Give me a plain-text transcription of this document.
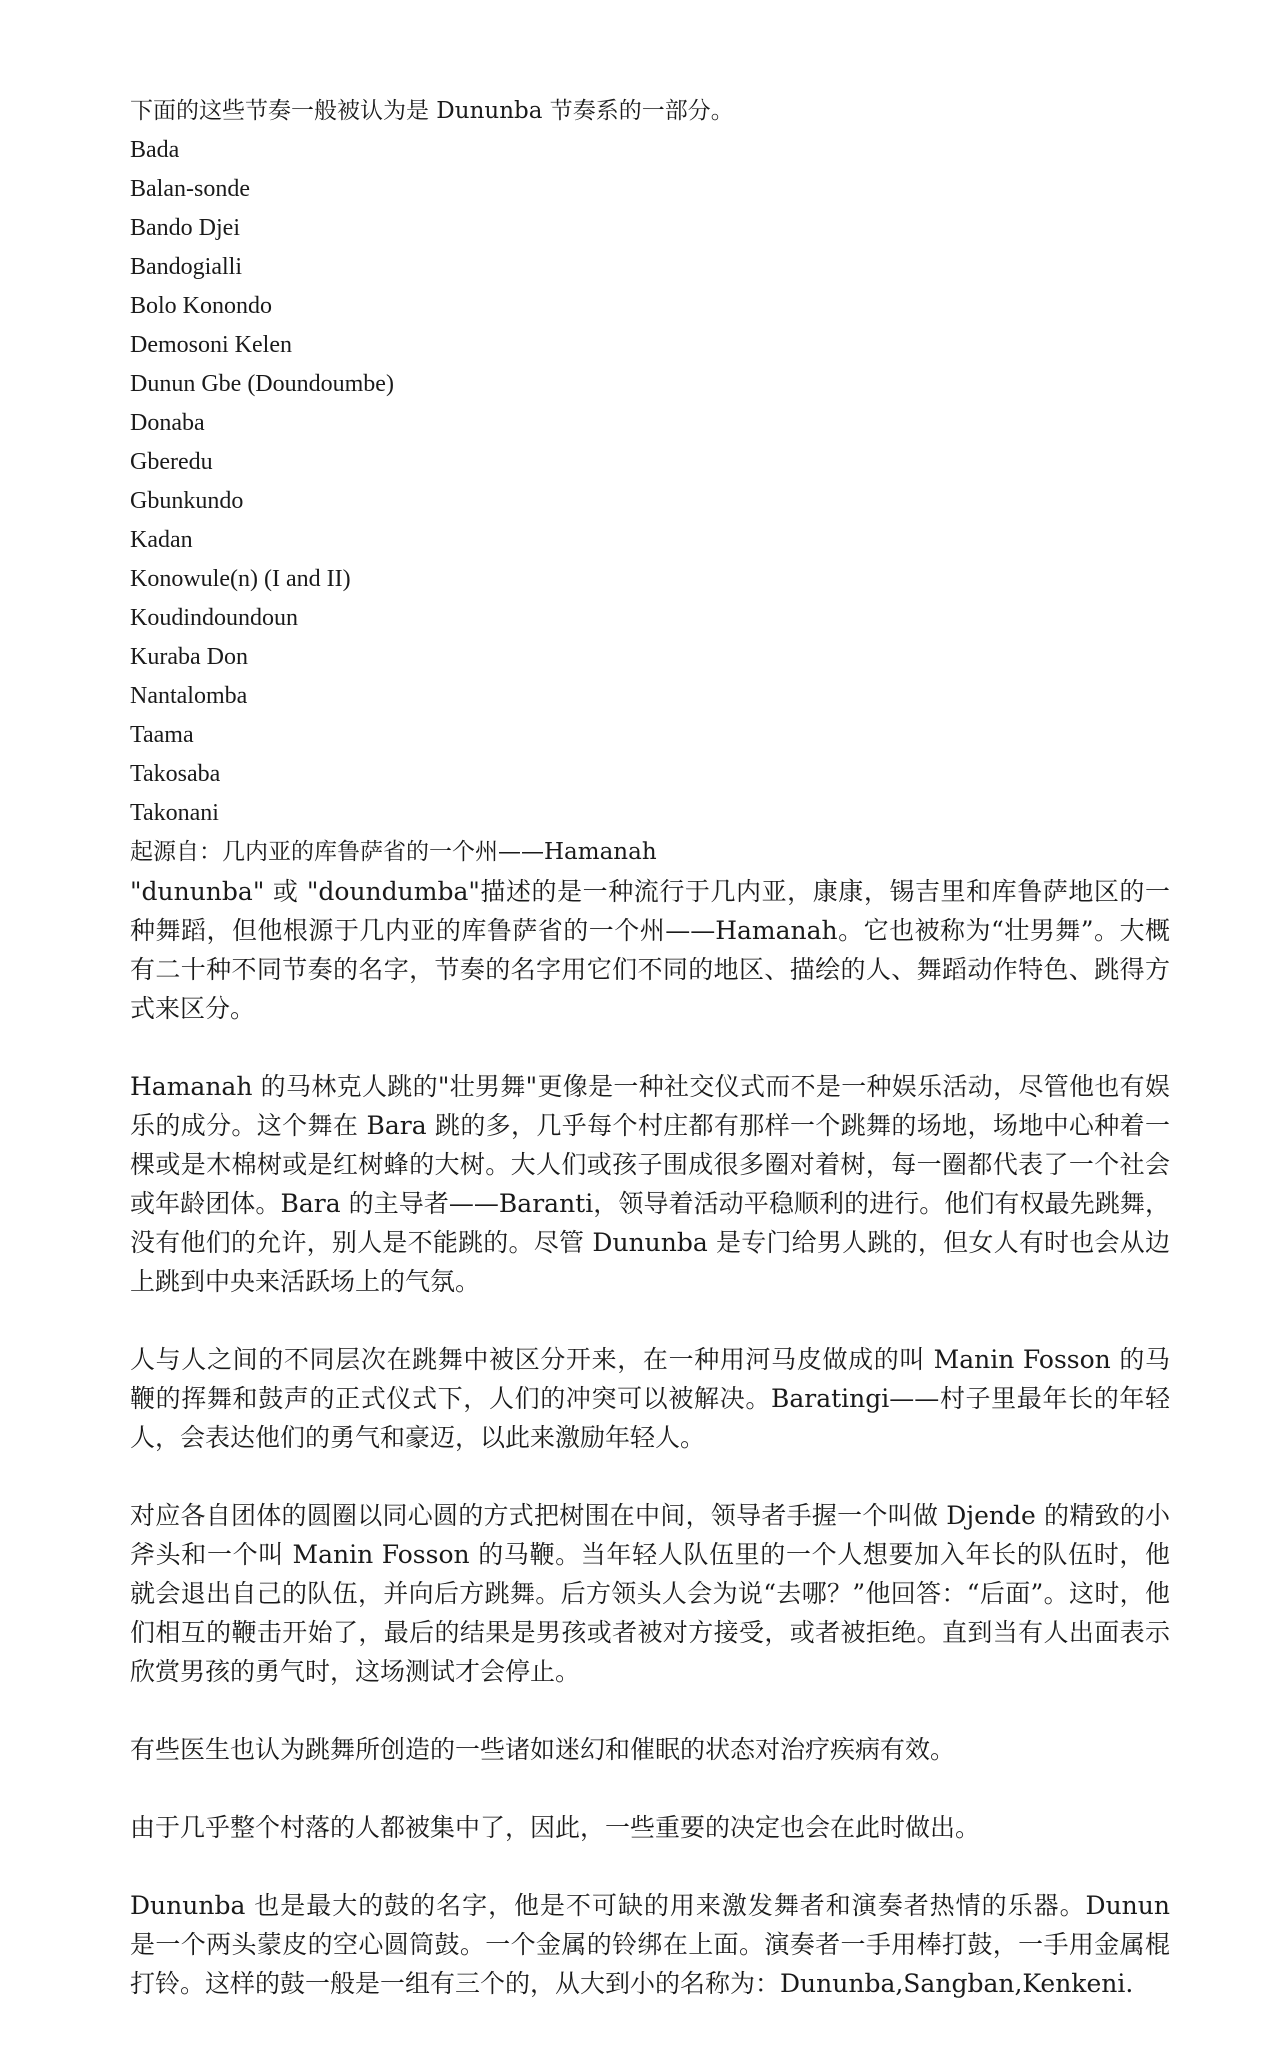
下面的这些节奏一般被认为是 Dununba 节奏系的一部分。
Bada
Balan-sonde
Bando Djei
Bandogialli
Bolo Konondo
Demosoni Kelen
Dunun Gbe (Doundoumbe)
Donaba
Gberedu
Gbunkundo
Kadan
Konowule(n) (I and II)
Koudindoundoun
Kuraba Don
Nantalomba
Taama
Takosaba
Takonani
起源自：几内亚的库鲁萨省的一个州——Hamanah

"dununba" 或 "doundumba"描述的是一种流行于几内亚，康康，锡吉里和库鲁萨地区的一种舞蹈，但他根源于几内亚的库鲁萨省的一个州——Hamanah。它也被称为“壮男舞”。大概有二十种不同节奏的名字，节奏的名字用它们不同的地区、描绘的人、舞蹈动作特色、跳得方式来区分。

Hamanah 的马林克人跳的"壮男舞"更像是一种社交仪式而不是一种娱乐活动，尽管他也有娱乐的成分。这个舞在 Bara 跳的多，几乎每个村庄都有那样一个跳舞的场地，场地中心种着一棵或是木棉树或是红树蜂的大树。大人们或孩子围成很多圈对着树，每一圈都代表了一个社会或年龄团体。Bara 的主导者——Baranti，领导着活动平稳顺利的进行。他们有权最先跳舞，没有他们的允许，别人是不能跳的。尽管 Dununba 是专门给男人跳的，但女人有时也会从边上跳到中央来活跃场上的气氛。

人与人之间的不同层次在跳舞中被区分开来，在一种用河马皮做成的叫 Manin Fosson 的马鞭的挥舞和鼓声的正式仪式下，人们的冲突可以被解决。Baratingi——村子里最年长的年轻人，会表达他们的勇气和豪迈，以此来激励年轻人。

对应各自团体的圆圈以同心圆的方式把树围在中间，领导者手握一个叫做 Djende 的精致的小斧头和一个叫 Manin Fosson 的马鞭。当年轻人队伍里的一个人想要加入年长的队伍时，他就会退出自己的队伍，并向后方跳舞。后方领头人会为说“去哪？”他回答：“后面”。这时，他们相互的鞭击开始了，最后的结果是男孩或者被对方接受，或者被拒绝。直到当有人出面表示欣赏男孩的勇气时，这场测试才会停止。

有些医生也认为跳舞所创造的一些诸如迷幻和催眠的状态对治疗疾病有效。

由于几乎整个村落的人都被集中了，因此，一些重要的决定也会在此时做出。

Dununba 也是最大的鼓的名字，他是不可缺的用来激发舞者和演奏者热情的乐器。Dunun 是一个两头蒙皮的空心圆筒鼓。一个金属的铃绑在上面。演奏者一手用棒打鼓，一手用金属棍打铃。这样的鼓一般是一组有三个的，从大到小的名称为：Dununba,Sangban,Kenkeni.
